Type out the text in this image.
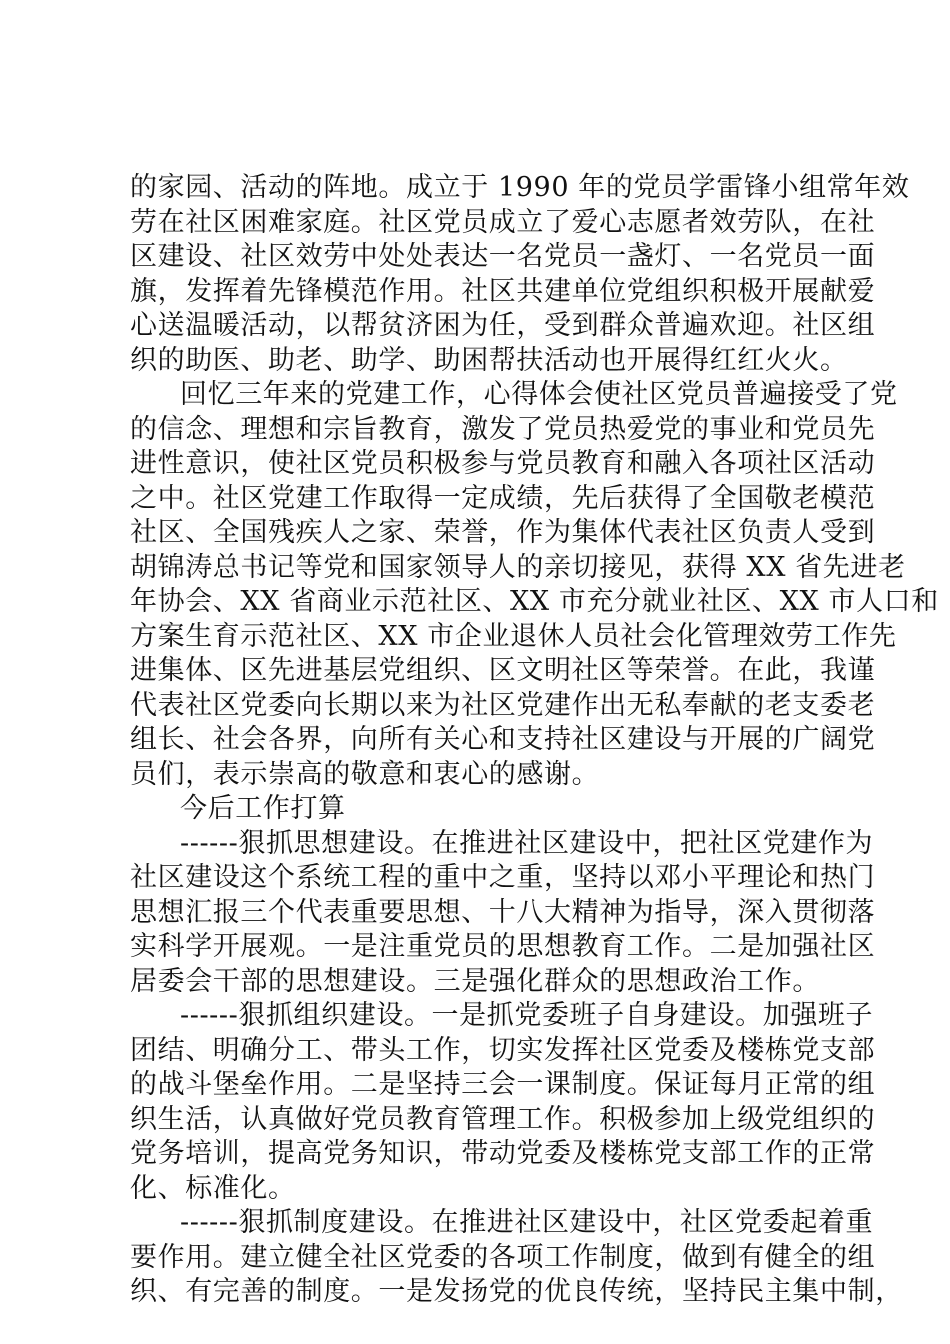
的家园、活动的阵地。成立于 1990 年的党员学雷锋小组常年效
劳在社区困难家庭。社区党员成立了爱心志愿者效劳队，在社
区建设、社区效劳中处处表达一名党员一盏灯、一名党员一面
旗，发挥着先锋模范作用。社区共建单位党组织积极开展献爱
心送温暖活动，以帮贫济困为任，受到群众普遍欢迎。社区组
织的助医、助老、助学、助困帮扶活动也开展得红红火火。
回忆三年来的党建工作，心得体会使社区党员普遍接受了党
的信念、理想和宗旨教育，激发了党员热爱党的事业和党员先
进性意识，使社区党员积极参与党员教育和融入各项社区活动
之中。社区党建工作取得一定成绩，先后获得了全国敬老模范
社区、全国残疾人之家、荣誉，作为集体代表社区负责人受到
胡锦涛总书记等党和国家领导人的亲切接见，获得 XX 省先进老
年协会、XX 省商业示范社区、XX 市充分就业社区、XX 市人口和
方案生育示范社区、XX 市企业退休人员社会化管理效劳工作先
进集体、区先进基层党组织、区文明社区等荣誉。在此，我谨
代表社区党委向长期以来为社区党建作出无私奉献的老支委老
组长、社会各界，向所有关心和支持社区建设与开展的广阔党
员们，表示崇高的敬意和衷心的感谢。
今后工作打算
------狠抓思想建设。在推进社区建设中，把社区党建作为
社区建设这个系统工程的重中之重，坚持以邓小平理论和热门
思想汇报三个代表重要思想、十八大精神为指导，深入贯彻落
实科学开展观。一是注重党员的思想教育工作。二是加强社区
居委会干部的思想建设。三是强化群众的思想政治工作。
------狠抓组织建设。一是抓党委班子自身建设。加强班子
团结、明确分工、带头工作，切实发挥社区党委及楼栋党支部
的战斗堡垒作用。二是坚持三会一课制度。保证每月正常的组
织生活，认真做好党员教育管理工作。积极参加上级党组织的
党务培训，提高党务知识，带动党委及楼栋党支部工作的正常
化、标准化。
------狠抓制度建设。在推进社区建设中，社区党委起着重
要作用。建立健全社区党委的各项工作制度，做到有健全的组
织、有完善的制度。一是发扬党的优良传统，坚持民主集中制，
